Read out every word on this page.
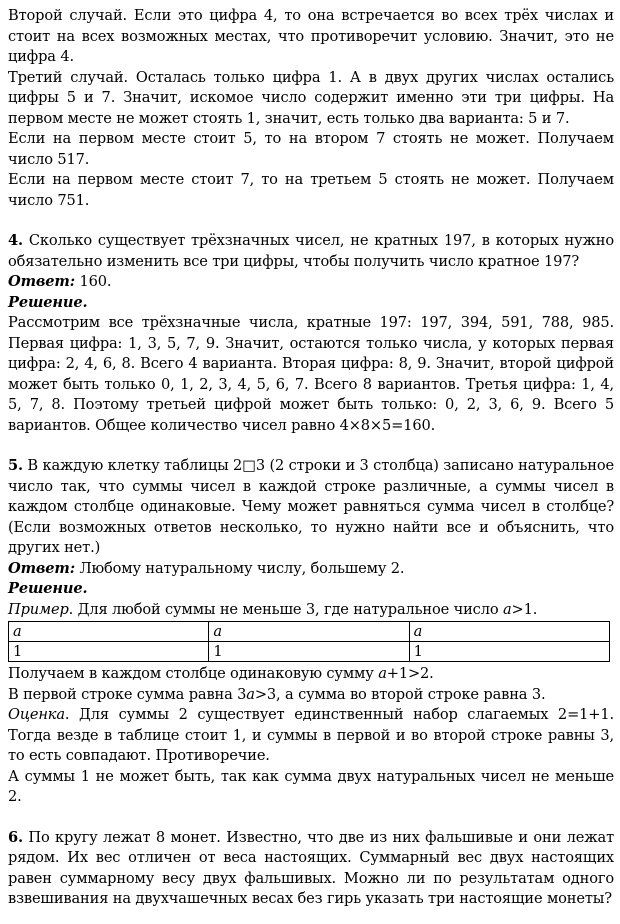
Второй случай. Если это цифра 4, то она встречается во всех трёх числах и стоит на всех возможных местах, что противоречит условию. Значит, это не цифра 4.

Третий случай. Осталась только цифра 1. А в двух других числах остались цифры 5 и 7. Значит, искомое число содержит именно эти три цифры. На первом месте не может стоять 1, значит, есть только два варианта: 5 и 7.

Если на первом месте стоит 5, то на втором 7 стоять не может. Получаем число 517.

Если на первом месте стоит 7, то на третьем 5 стоять не может. Получаем число 751.

4. Сколько существует трёхзначных чисел, не кратных 197, в которых нужно обязательно изменить все три цифры, чтобы получить число кратное 197?

Ответ: 160.

Решение.

Рассмотрим все трёхзначные числа, кратные 197: 197, 394, 591, 788, 985. Первая цифра: 1, 3, 5, 7, 9. Значит, остаются только числа, у которых первая цифра: 2, 4, 6, 8. Всего 4 варианта. Вторая цифра: 8, 9. Значит, второй цифрой может быть только 0, 1, 2, 3, 4, 5, 6, 7. Всего 8 вариантов. Третья цифра: 1, 4, 5, 7, 8. Поэтому третьей цифрой может быть только: 0, 2, 3, 6, 9. Всего 5 вариантов. Общее количество чисел равно 4×8×5=160.

5. В каждую клетку таблицы 2□3 (2 строки и 3 столбца) записано натуральное число так, что суммы чисел в каждой строке различные, а суммы чисел в каждом столбце одинаковые. Чему может равняться сумма чисел в столбце? (Если возможных ответов несколько, то нужно найти все и объяснить, что других нет.)

Ответ: Любому натуральному числу, большему 2.

Решение.

Пример. Для любой суммы не меньше 3, где натуральное число a>1.

a	a	a
1	1	1

Получаем в каждом столбце одинаковую сумму a+1>2.

В первой строке сумма равна 3a>3, а сумма во второй строке равна 3.

Оценка. Для суммы 2 существует единственный набор слагаемых 2=1+1. Тогда везде в таблице стоит 1, и суммы в первой и во второй строке равны 3, то есть совпадают. Противоречие.

А суммы 1 не может быть, так как сумма двух натуральных чисел не меньше 2.

6. По кругу лежат 8 монет. Известно, что две из них фальшивые и они лежат рядом. Их вес отличен от веса настоящих. Суммарный вес двух настоящих равен суммарному весу двух фальшивых. Можно ли по результатам одного взвешивания на двухчашечных весах без гирь указать три настоящие монеты?
